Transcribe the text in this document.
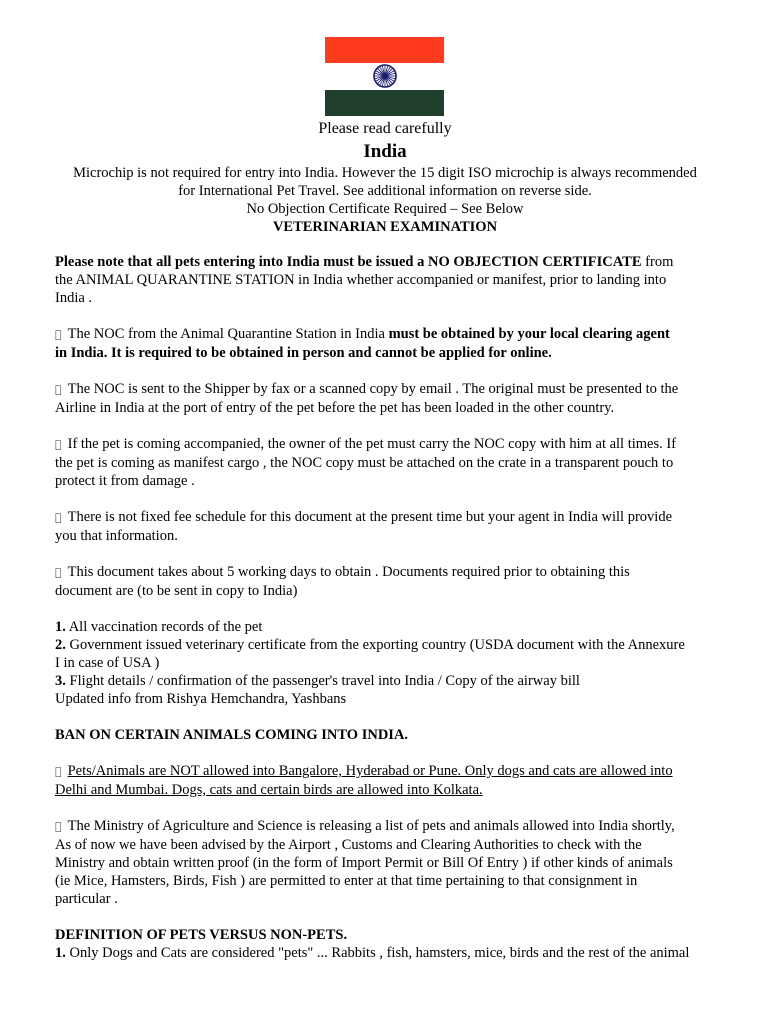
Please read carefully
India
Microchip is not required for entry into India. However the 15 digit ISO microchip is always recommended
for International Pet Travel. See additional information on reverse side.
No Objection Certificate Required – See Below
VETERINARIAN EXAMINATION

Please note that all pets entering into India must be issued a NO OBJECTION CERTIFICATE from
the ANIMAL QUARANTINE STATION in India whether accompanied or manifest, prior to landing into
India .

The NOC from the Animal Quarantine Station in India must be obtained by your local clearing agent
in India. It is required to be obtained in person and cannot be applied for online.

The NOC is sent to the Shipper by fax or a scanned copy by email . The original must be presented to the
Airline in India at the port of entry of the pet before the pet has been loaded in the other country.

If the pet is coming accompanied, the owner of the pet must carry the NOC copy with him at all times. If
the pet is coming as manifest cargo , the NOC copy must be attached on the crate in a transparent pouch to
protect it from damage .

There is not fixed fee schedule for this document at the present time but your agent in India will provide
you that information.

This document takes about 5 working days to obtain . Documents required prior to obtaining this
document are (to be sent in copy to India)

1. All vaccination records of the pet
2. Government issued veterinary certificate from the exporting country (USDA document with the Annexure
I in case of USA )
3. Flight details / confirmation of the passenger's travel into India / Copy of the airway bill
Updated info from Rishya Hemchandra, Yashbans

BAN ON CERTAIN ANIMALS COMING INTO INDIA.

Pets/Animals are NOT allowed into Bangalore, Hyderabad or Pune. Only dogs and cats are allowed into
Delhi and Mumbai. Dogs, cats and certain birds are allowed into Kolkata.

The Ministry of Agriculture and Science is releasing a list of pets and animals allowed into India shortly,
As of now we have been advised by the Airport , Customs and Clearing Authorities to check with the
Ministry and obtain written proof (in the form of Import Permit or Bill Of Entry ) if other kinds of animals
(ie Mice, Hamsters, Birds, Fish ) are permitted to enter at that time pertaining to that consignment in
particular .

DEFINITION OF PETS VERSUS NON-PETS.
1. Only Dogs and Cats are considered "pets" ... Rabbits , fish, hamsters, mice, birds and the rest of the animal
